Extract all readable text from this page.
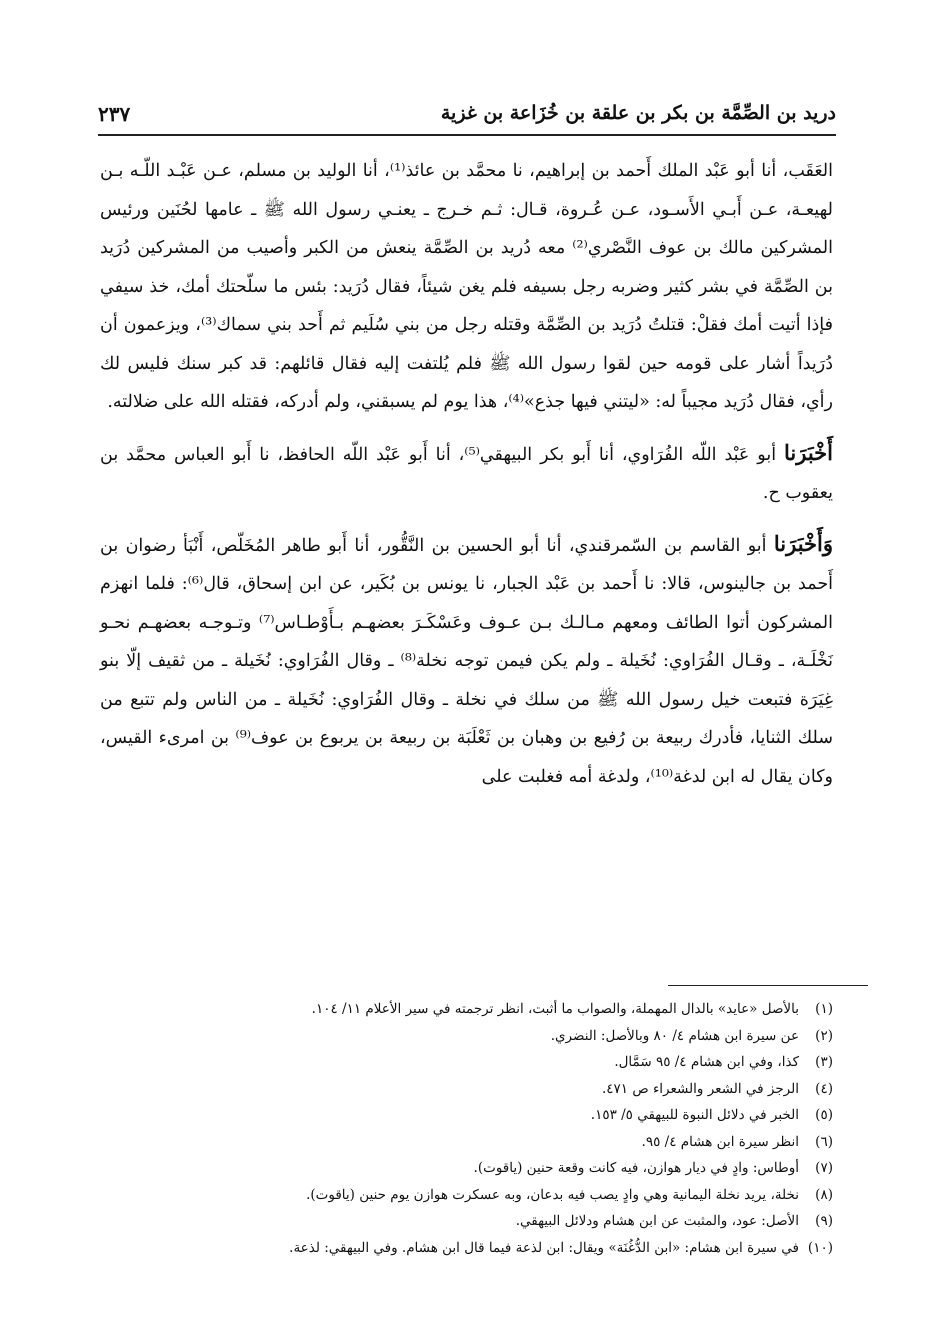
دريد بن الصِّمَّة بن بكر بن علقة بن خُزَاعة بن غزية
٢٣٧

العَقَب، أنا أبو عَبْد الملك أَحمد بن إبراهيم، نا محمَّد بن عائذ⁽¹⁾، أنا الوليد بن مسلم، عـن عَبْـد اللّـه بـن لهيعـة، عـن أَبـي الأَسـود، عـن عُـروة، قـال: ثـم خـرج ـ يعنـي رسول الله ﷺ ـ عامها لحُنَين ورئيس المشركين مالك بن عوف النَّصْري⁽²⁾ معه دُريد بن الصِّمَّة ينعش من الكبر وأصيب من المشركين دُرَيد بن الصِّمَّة في بشر كثير وضربه رجل بسيفه فلم يغن شيئاً، فقال دُرَيد: بئس ما سلّحتك أمك، خذ سيفي فإذا أتيت أمك فقلْ: قتلتُ دُرَيد بن الصِّمَّة وقتله رجل من بني سُلَيم ثم أَحد بني سماك⁽³⁾، ويزعمون أن دُرَيداً أشار على قومه حين لقوا رسول الله ﷺ فلم يُلتفت إليه فقال قائلهم: قد كبر سنك فليس لك رأي، فقال دُرَيد مجيباً له: «ليتني فيها جذع»⁽⁴⁾، هذا يوم لم يسبقني، ولم أدركه، فقتله الله على ضلالته.

أَخْبَرَنا أبو عَبْد اللّه الفُرَاوي، أنا أَبو بكر البيهقي⁽⁵⁾، أنا أَبو عَبْد اللّه الحافظ، نا أَبو العباس محمَّد بن يعقوب ح.

وَأَخْبَرَنا أبو القاسم بن السّمرقندي، أنا أبو الحسين بن النَّقُّور، أنا أَبو طاهر المُخَلّص، أَنْبَأ رضوان بن أَحمد بن جالينوس، قالا: نا أَحمد بن عَبْد الجبار، نا يونس بن بُكَير، عن ابن إسحاق، قال⁽⁶⁾: فلما انهزم المشركون أتوا الطائف ومعهم مـالـك بـن عـوف وعَسْكَـرَ بعضهـم بـأَوْطـاس⁽⁷⁾ وتـوجـه بعضهـم نحـو نَخْلَـة، ـ وقـال الفُرَاوي: نُخَيلة ـ ولم يكن فيمن توجه نخلة⁽⁸⁾ ـ وقال الفُرَاوي: نُخَيلة ـ من ثقيف إلّا بنو غِيَرَة فتبعت خيل رسول الله ﷺ من سلك في نخلة ـ وقال الفُرَاوي: نُخَيلة ـ من الناس ولم تتبع من سلك الثنايا، فأدرك ربيعة بن رُفيع بن وهبان بن ثَعْلَبَة بن ربيعة بن يربوع بن عوف⁽⁹⁾ بن امرىء القيس، وكان يقال له ابن لدغة⁽¹⁰⁾، ولدغة أمه فغلبت على

(١)بالأصل «عايد» بالدال المهملة، والصواب ما أثبت، انظر ترجمته في سير الأعلام ١١/ ١٠٤.
(٢)عن سيرة ابن هشام ٤/ ٨٠ وبالأصل: النضري.
(٣)كذا، وفي ابن هشام ٤/ ٩٥ سَمَّال.
(٤)الرجز في الشعر والشعراء ص ٤٧١.
(٥)الخبر في دلائل النبوة للبيهقي ٥/ ١٥٣.
(٦)انظر سيرة ابن هشام ٤/ ٩٥.
(٧)أوطاس: وادٍ في ديار هوازن، فيه كانت وقعة حنين (ياقوت).
(٨)نخلة، يريد نخلة اليمانية وهي وادٍ يصب فيه بدعان، وبه عسكرت هوازن يوم حنين (ياقوت).
(٩)الأصل: عود، والمثبت عن ابن هشام ودلائل البيهقي.
(١٠)في سيرة ابن هشام: «ابن الدُّغُنَة» ويقال: ابن لذعة فيما قال ابن هشام. وفي البيهقي: لذعة.
